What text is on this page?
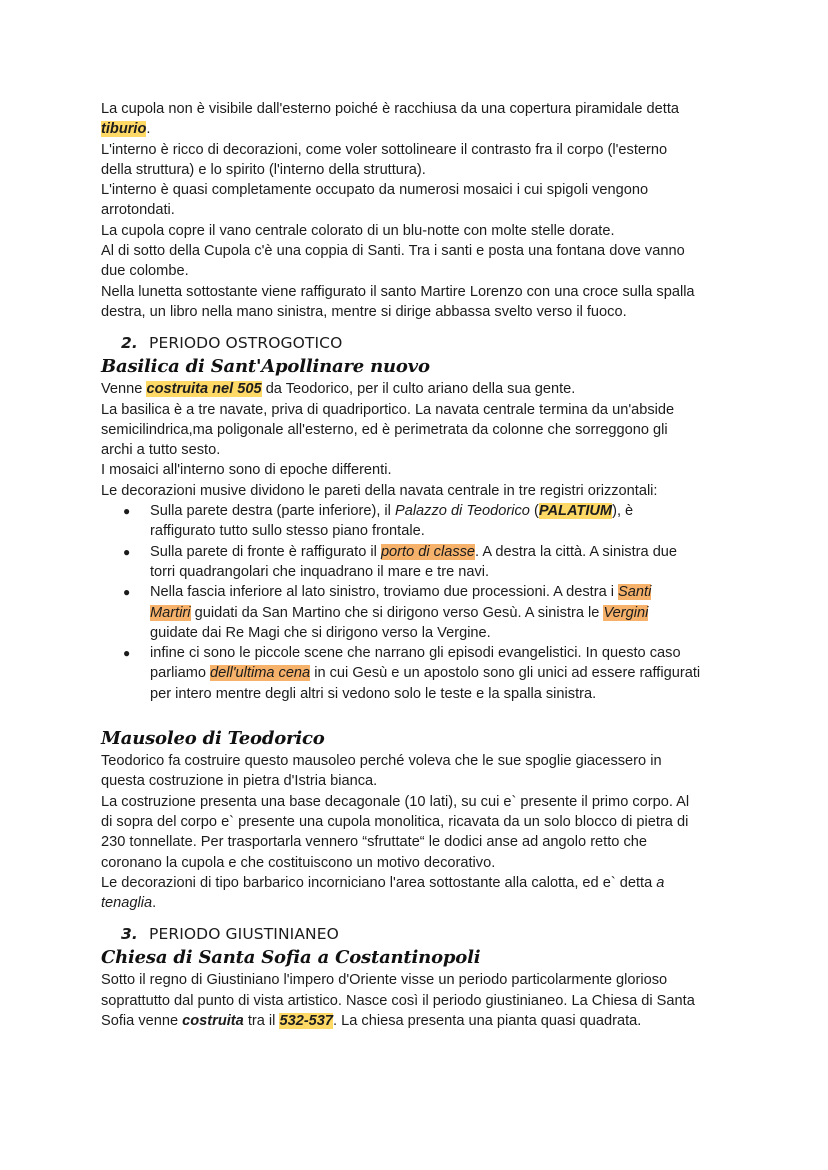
La cupola non è visibile dall'esterno poiché è racchiusa da una copertura piramidale detta

tiburio.

L'interno è ricco di decorazioni, come voler sottolineare il contrasto fra il corpo (l'esterno

della struttura) e lo spirito (l'interno della struttura).

L'interno è quasi completamente occupato da numerosi mosaici i cui spigoli vengono

arrotondati.

La cupola copre il vano centrale colorato di un blu-notte con molte stelle dorate.

Al di sotto della Cupola c'è una coppia di Santi. Tra i santi e posta una fontana dove vanno

due colombe.

Nella lunetta sottostante viene raffigurato il santo Martire Lorenzo con una croce sulla spalla

destra, un libro nella mano sinistra, mentre si dirige abbassa svelto verso il fuoco.

2. PERIODO OSTROGOTICO
Basilica di Sant'Apollinare nuovo

Venne costruita nel 505 da Teodorico, per il culto ariano della sua gente.

La basilica è a tre navate, priva di quadriportico. La navata centrale termina da un'abside

semicilindrica,ma poligonale all'esterno, ed è perimetrata da colonne che sorreggono gli

archi a tutto sesto.

I mosaici all'interno sono di epoche differenti.

Le decorazioni musive dividono le pareti della navata centrale in tre registri orizzontali:

● Sulla parete destra (parte inferiore), il Palazzo di Teodorico (PALATIUM), è
raffigurato tutto sullo stesso piano frontale.
● Sulla parete di fronte è raffigurato il porto di classe. A destra la città. A sinistra due
torri quadrangolari che inquadrano il mare e tre navi.
● Nella fascia inferiore al lato sinistro, troviamo due processioni. A destra i Santi
Martiri guidati da San Martino che si dirigono verso Gesù. A sinistra le Vergini
guidate dai Re Magi che si dirigono verso la Vergine.
● infine ci sono le piccole scene che narrano gli episodi evangelistici. In questo caso
parliamo dell'ultima cena in cui Gesù e un apostolo sono gli unici ad essere raffigurati
per intero mentre degli altri si vedono solo le teste e la spalla sinistra.
Mausoleo di Teodorico

Teodorico fa costruire questo mausoleo perché voleva che le sue spoglie giacessero in

questa costruzione in pietra d'Istria bianca.

La costruzione presenta una base decagonale (10 lati), su cui e` presente il primo corpo. Al

di sopra del corpo e` presente una cupola monolitica, ricavata da un solo blocco di pietra di

230 tonnellate. Per trasportarla vennero “sfruttate“ le dodici anse ad angolo retto che

coronano la cupola e che costituiscono un motivo decorativo.

Le decorazioni di tipo barbarico incorniciano l'area sottostante alla calotta, ed e` detta a

tenaglia.

3. PERIODO GIUSTINIANEO
Chiesa di Santa Sofia a Costantinopoli

Sotto il regno di Giustiniano l'impero d'Oriente visse un periodo particolarmente glorioso

soprattutto dal punto di vista artistico. Nasce così il periodo giustinianeo. La Chiesa di Santa

Sofia venne costruita tra il 532-537. La chiesa presenta una pianta quasi quadrata.
